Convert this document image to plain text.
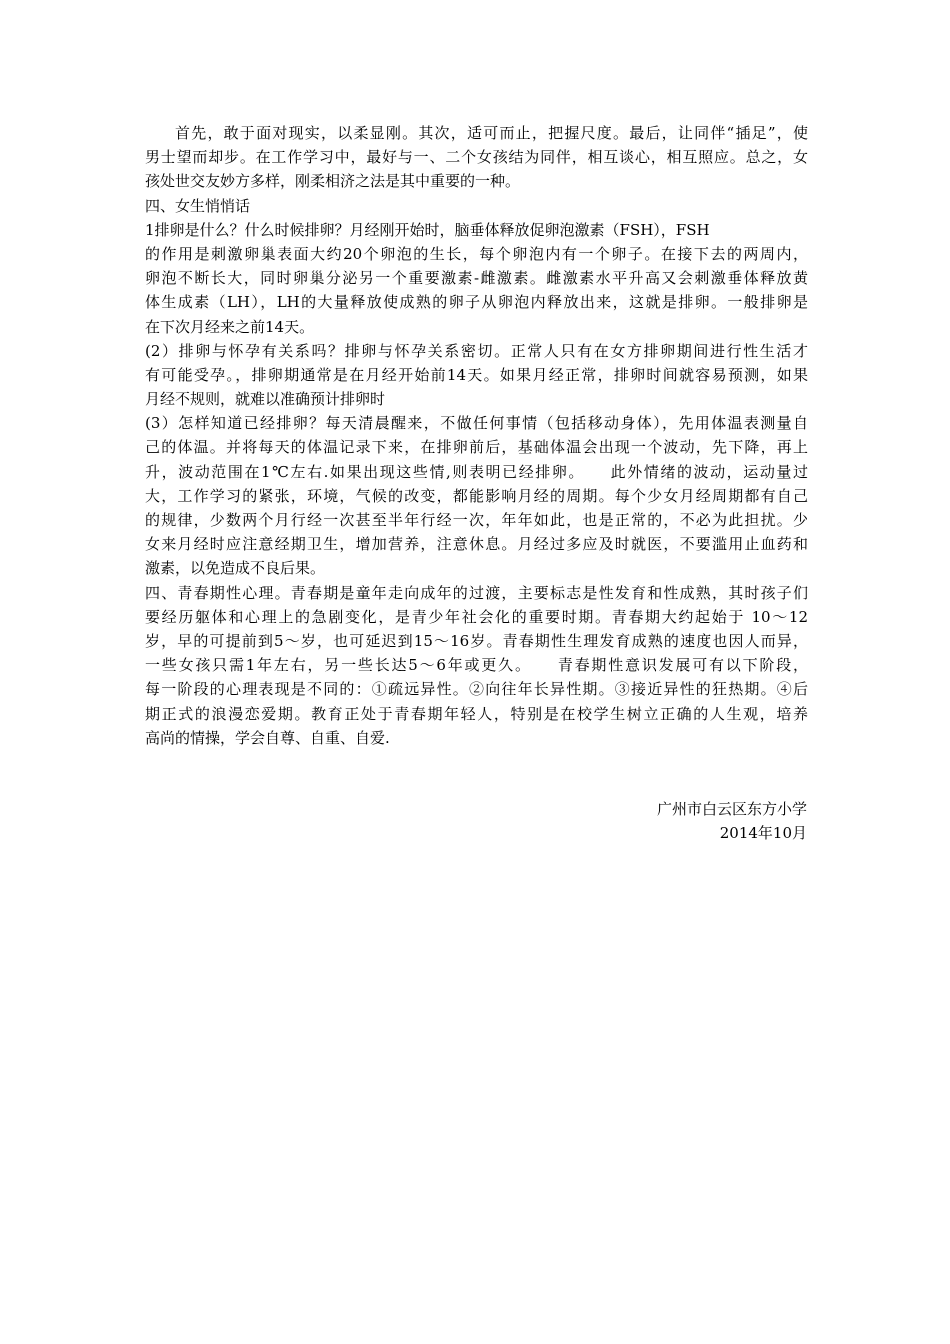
首先，敢于面对现实，以柔显刚。其次，适可而止，把握尺度。最后，让同伴“插足”，使
男士望而却步。在工作学习中，最好与一、二个女孩结为同伴，相互谈心，相互照应。总之，女
孩处世交友妙方多样，刚柔相济之法是其中重要的一种。
四、女生悄悄话
1排卵是什么？什么时候排卵？月经刚开始时，脑垂体释放促卵泡激素（FSH），FSH
的作用是刺激卵巢表面大约20个卵泡的生长，每个卵泡内有一个卵子。在接下去的两周内，
卵泡不断长大，同时卵巢分泌另一个重要激素-雌激素。雌激素水平升高又会刺激垂体释放黄
体生成素（LH），LH的大量释放使成熟的卵子从卵泡内释放出来，这就是排卵。一般排卵是
在下次月经来之前14天。
(2）排卵与怀孕有关系吗？排卵与怀孕关系密切。正常人只有在女方排卵期间进行性生活才
有可能受孕。，排卵期通常是在月经开始前14天。如果月经正常，排卵时间就容易预测，如果
月经不规则，就难以准确预计排卵时
(3）怎样知道已经排卵？每天清晨醒来，不做任何事情（包括移动身体），先用体温表测量自
己的体温。并将每天的体温记录下来，在排卵前后，基础体温会出现一个波动，先下降，再上
升，波动范围在1℃左右.如果出现这些情,则表明已经排卵。　　此外情绪的波动，运动量过
大，工作学习的紧张，环境，气候的改变，都能影响月经的周期。每个少女月经周期都有自己
的规律，少数两个月行经一次甚至半年行经一次，年年如此，也是正常的，不必为此担扰。少
女来月经时应注意经期卫生，增加营养，注意休息。月经过多应及时就医，不要滥用止血药和
激素，以免造成不良后果。
四、青春期性心理。青春期是童年走向成年的过渡，主要标志是性发育和性成熟，其时孩子们
要经历躯体和心理上的急剧变化，是青少年社会化的重要时期。青春期大约起始于 10～12
岁，早的可提前到5～岁，也可延迟到15～16岁。青春期性生理发育成熟的速度也因人而异，
一些女孩只需1年左右，另一些长达5～6年或更久。　　青春期性意识发展可有以下阶段，
每一阶段的心理表现是不同的：①疏远异性。②向往年长异性期。③接近异性的狂热期。④后
期正式的浪漫恋爱期。教育正处于青春期年轻人，特别是在校学生树立正确的人生观，培养
高尚的情操，学会自尊、自重、自爱.
广州市白云区东方小学
2014年10月
